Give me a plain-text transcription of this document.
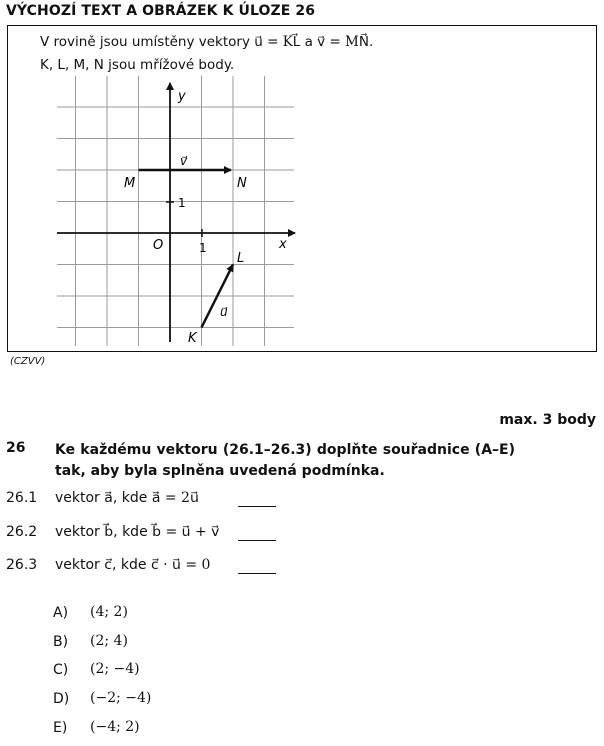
VÝCHOZÍ TEXT A OBRÁZEK K ÚLOZE 26
V rovině jsou umístěny vektory u⃗ = KL⃗ a v⃗ = MN⃗.
K, L, M, N jsou mřížové body.
y
x
O	1
1
M	N
L
K
v⃗
u⃗
(CZVV)
max. 3 body
26 Ke každému vektoru (26.1–26.3) doplňte souřadnice (A–E) tak, aby byla splněna uvedená podmínka.
26.1 vektor a⃗, kde a⃗ = 2u⃗
26.2 vektor b⃗, kde b⃗ = u⃗ + v⃗
26.3 vektor c⃗, kde c⃗ · u⃗ = 0
A) (4; 2)
B) (2; 4)
C) (2; −4)
D) (−2; −4)
E) (−4; 2)
